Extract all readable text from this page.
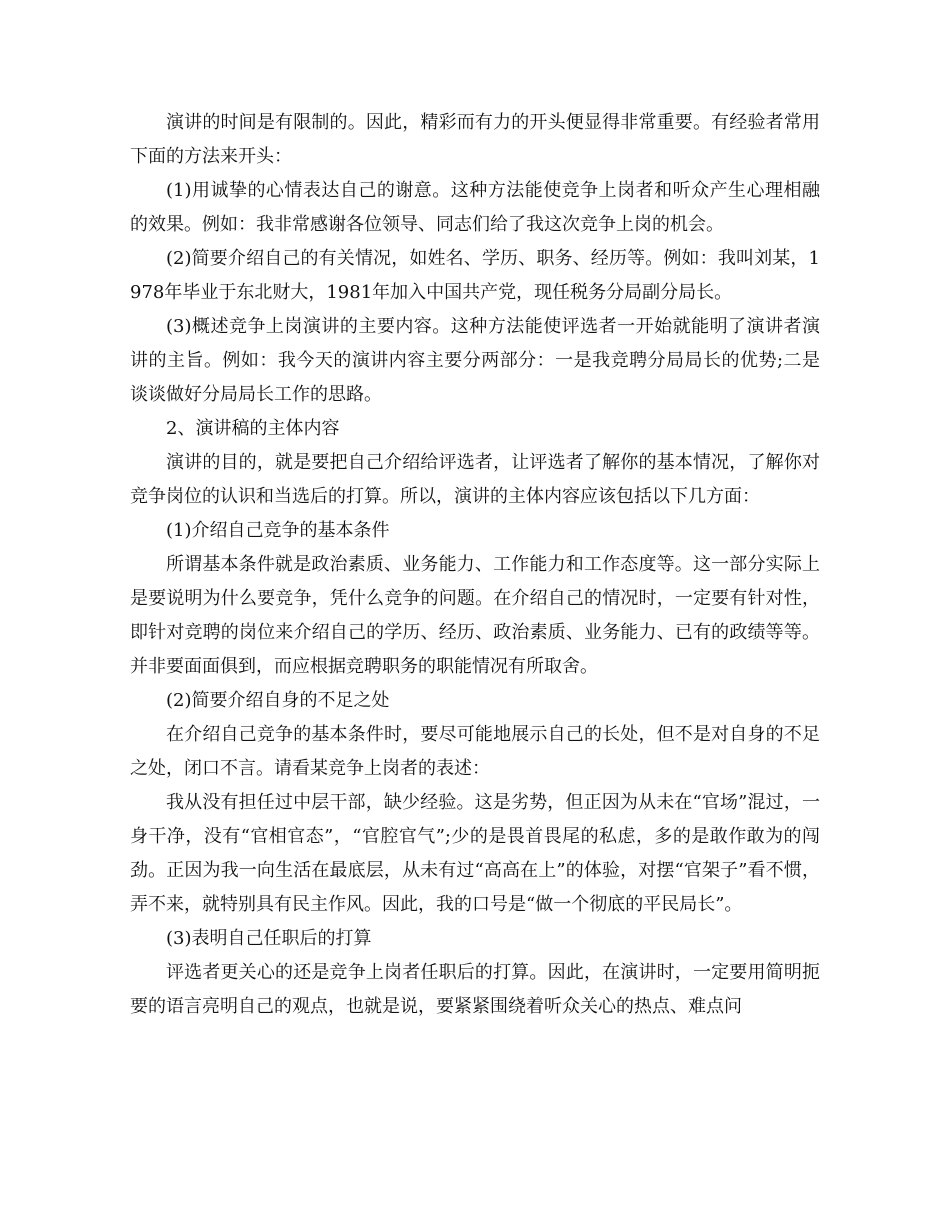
演讲的时间是有限制的。因此，精彩而有力的开头便显得非常重要。有经验者常用下面的方法来开头：

(1)用诚挚的心情表达自己的谢意。这种方法能使竞争上岗者和听众产生心理相融的效果。例如：我非常感谢各位领导、同志们给了我这次竞争上岗的机会。

(2)简要介绍自己的有关情况，如姓名、学历、职务、经历等。例如：我叫刘某，1978年毕业于东北财大，1981年加入中国共产党，现任税务分局副分局长。

(3)概述竞争上岗演讲的主要内容。这种方法能使评选者一开始就能明了演讲者演讲的主旨。例如：我今天的演讲内容主要分两部分：一是我竞聘分局局长的优势;二是谈谈做好分局局长工作的思路。

2、演讲稿的主体内容

演讲的目的，就是要把自己介绍给评选者，让评选者了解你的基本情况，了解你对竞争岗位的认识和当选后的打算。所以，演讲的主体内容应该包括以下几方面：

(1)介绍自己竞争的基本条件

所谓基本条件就是政治素质、业务能力、工作能力和工作态度等。这一部分实际上是要说明为什么要竞争，凭什么竞争的问题。在介绍自己的情况时，一定要有针对性，即针对竞聘的岗位来介绍自己的学历、经历、政治素质、业务能力、已有的政绩等等。并非要面面俱到，而应根据竞聘职务的职能情况有所取舍。

(2)简要介绍自身的不足之处

在介绍自己竞争的基本条件时，要尽可能地展示自己的长处，但不是对自身的不足之处，闭口不言。请看某竞争上岗者的表述：

我从没有担任过中层干部，缺少经验。这是劣势，但正因为从未在“官场”混过，一身干净，没有“官相官态”，“官腔官气”;少的是畏首畏尾的私虑，多的是敢作敢为的闯劲。正因为我一向生活在最底层，从未有过“高高在上”的体验，对摆“官架子”看不惯，弄不来，就特别具有民主作风。因此，我的口号是“做一个彻底的平民局长”。

(3)表明自己任职后的打算

评选者更关心的还是竞争上岗者任职后的打算。因此，在演讲时，一定要用简明扼要的语言亮明自己的观点，也就是说，要紧紧围绕着听众关心的热点、难点问
